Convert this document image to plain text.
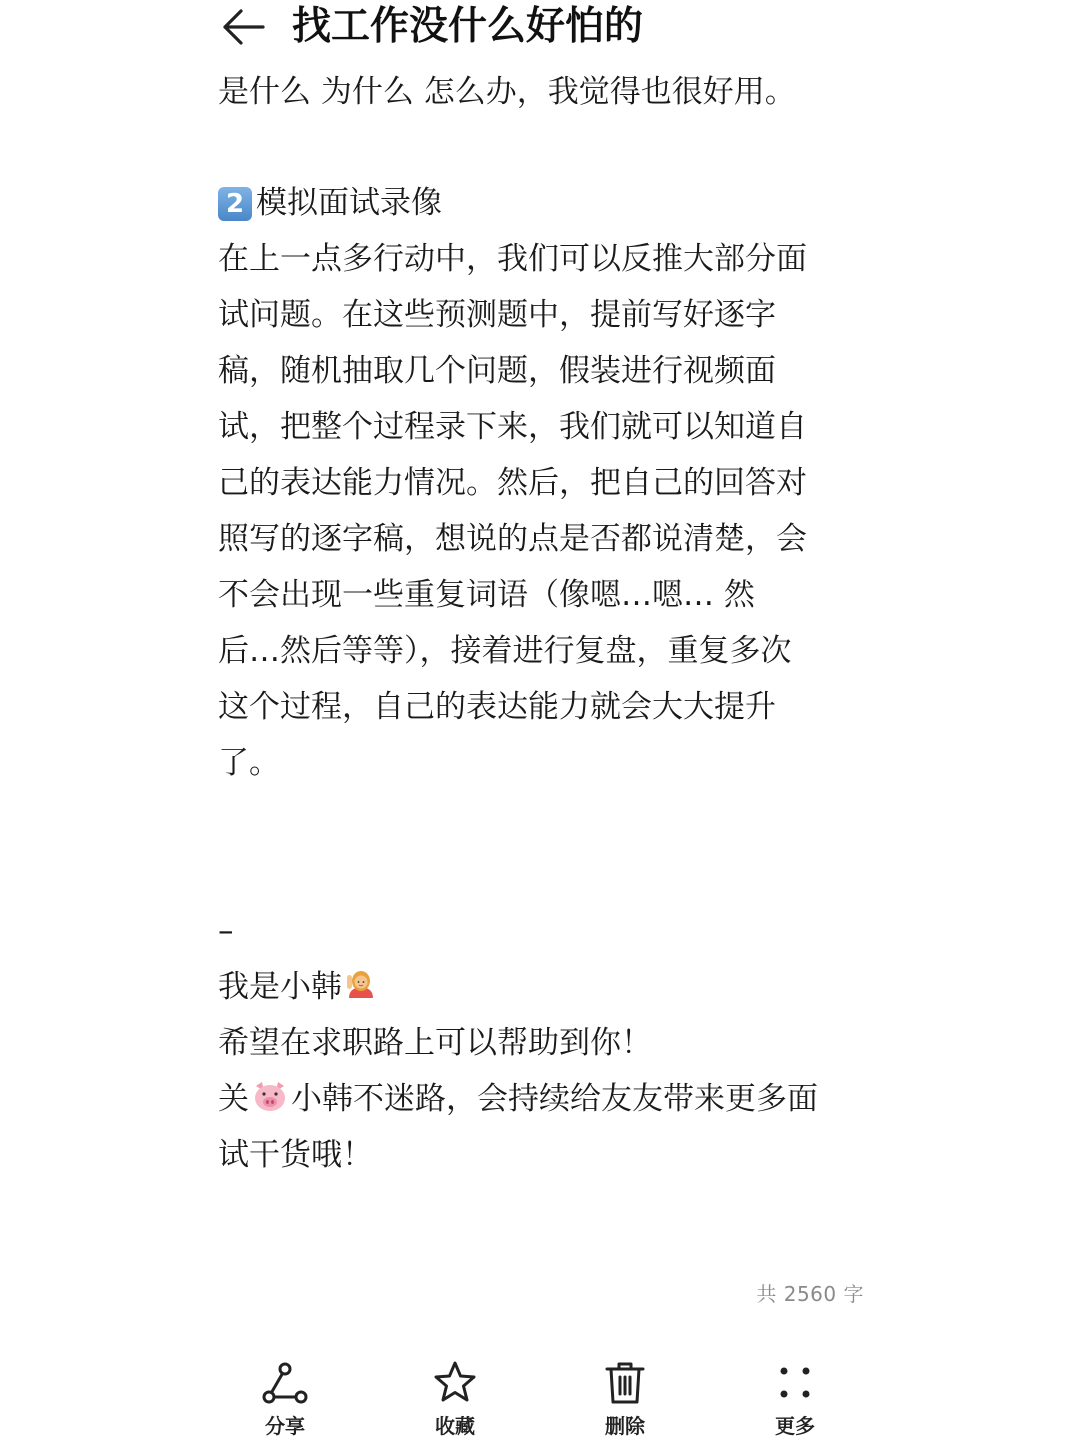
找工作没什么好怕的
是什么 为什么 怎么办，我觉得也很好用。

2 模拟面试录像

在上一点多行动中，我们可以反推大部分面

试问题。在这些预测题中，提前写好逐字

稿，随机抽取几个问题，假装进行视频面

试，把整个过程录下来，我们就可以知道自

己的表达能力情况。然后，把自己的回答对

照写的逐字稿，想说的点是否都说清楚，会

不会出现一些重复词语（像嗯…嗯… 然

后…然后等等），接着进行复盘，重复多次

这个过程，自己的表达能力就会大大提升

了。

–

我是小韩

希望在求职路上可以帮助到你！

关 小韩不迷路，会持续给友友带来更多面

试干货哦！

共 2560 字
分享	收藏	删除	更多
